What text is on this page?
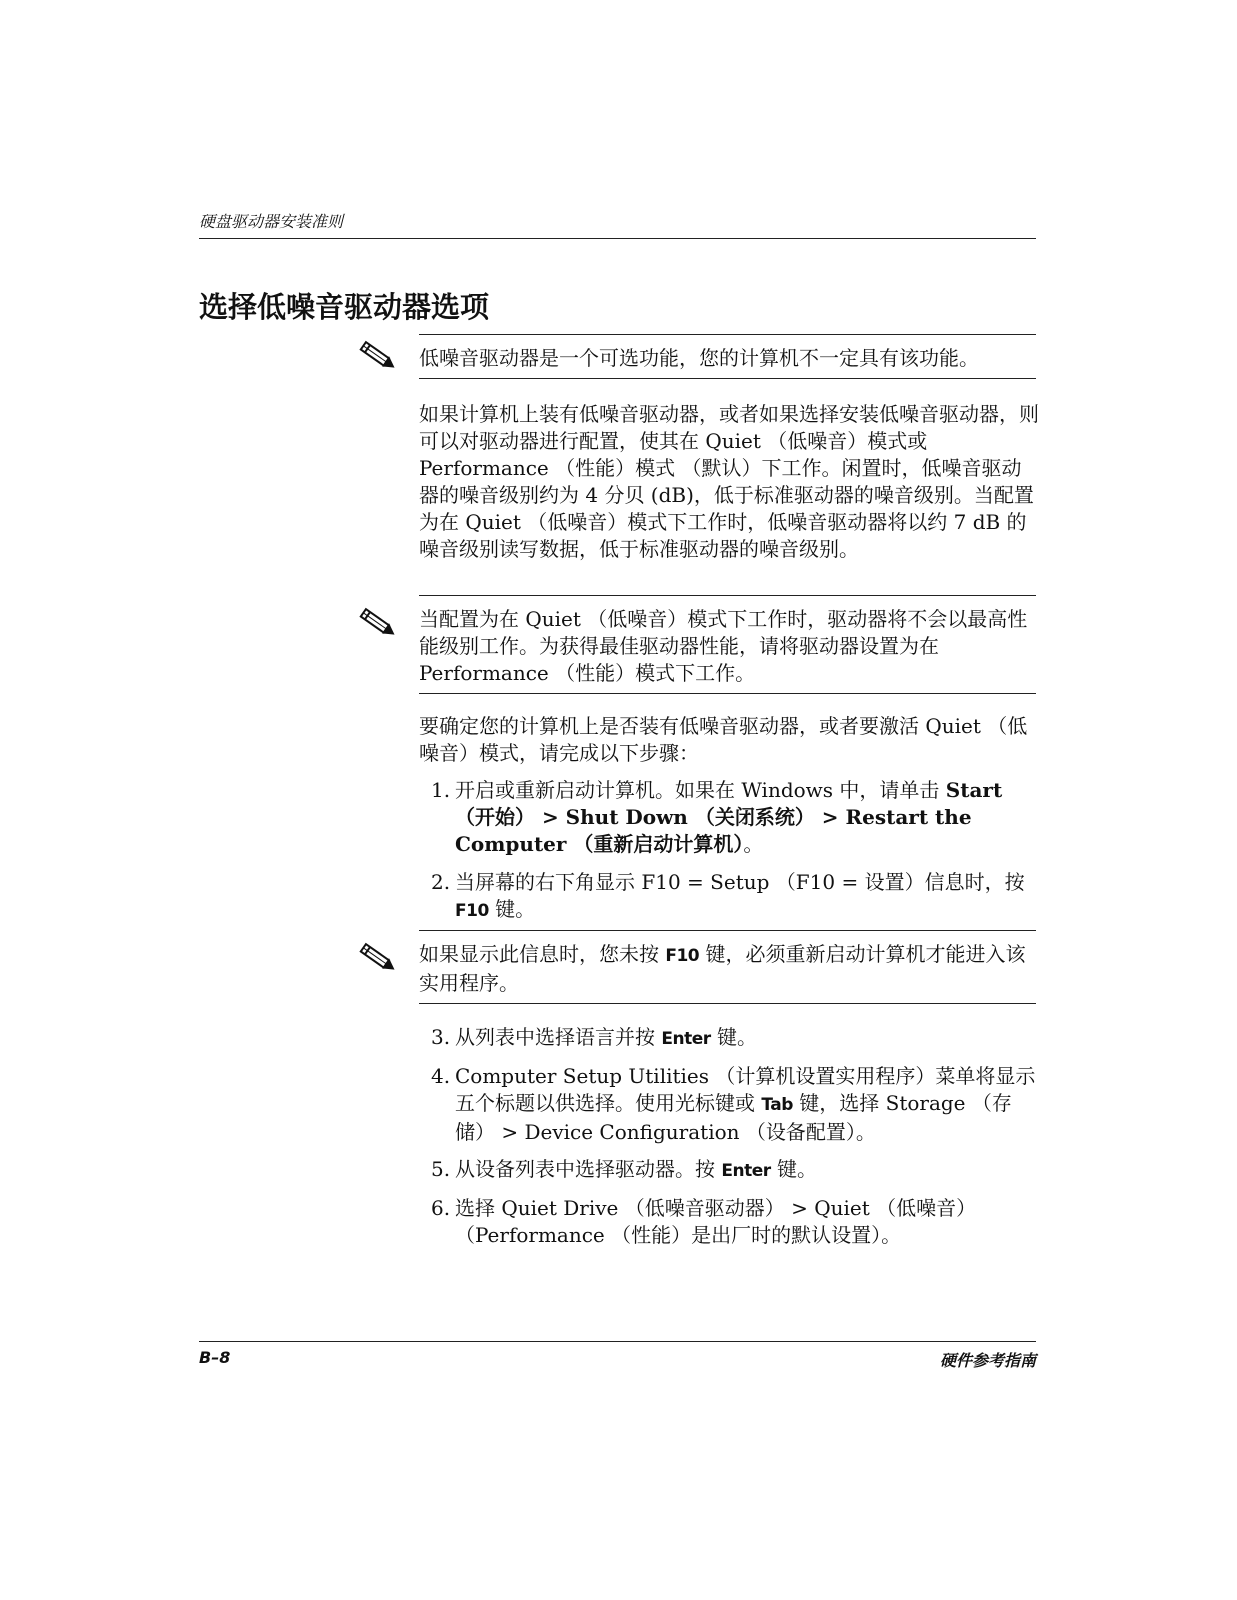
硬盘驱动器安装准则
选择低噪音驱动器选项
低噪音驱动器是一个可选功能，您的计算机不一定具有该功能。
如果计算机上装有低噪音驱动器，或者如果选择安装低噪音驱动器，则可以对驱动器进行配置，使其在 Quiet （低噪音）模式或 Performance （性能）模式 （默认）下工作。闲置时，低噪音驱动器的噪音级别约为 4 分贝 (dB)，低于标准驱动器的噪音级别。当配置为在 Quiet （低噪音）模式下工作时，低噪音驱动器将以约 7 dB 的噪音级别读写数据，低于标准驱动器的噪音级别。
当配置为在 Quiet （低噪音）模式下工作时，驱动器将不会以最高性能级别工作。为获得最佳驱动器性能，请将驱动器设置为在 Performance （性能）模式下工作。
要确定您的计算机上是否装有低噪音驱动器，或者要激活 Quiet （低噪音）模式，请完成以下步骤：
1. 开启或重新启动计算机。如果在 Windows 中，请单击 Start （开始） > Shut Down （关闭系统） > Restart the Computer （重新启动计算机）。
2. 当屏幕的右下角显示 F10 = Setup （F10 = 设置）信息时，按 F10 键。
如果显示此信息时，您未按 F10 键，必须重新启动计算机才能进入该实用程序。
3. 从列表中选择语言并按 Enter 键。
4. Computer Setup Utilities （计算机设置实用程序）菜单将显示五个标题以供选择。使用光标键或 Tab 键，选择 Storage （存储） > Device Configuration （设备配置）。
5. 从设备列表中选择驱动器。按 Enter 键。
6. 选择 Quiet Drive （低噪音驱动器） > Quiet （低噪音）（Performance （性能）是出厂时的默认设置）。
B–8	硬件参考指南
